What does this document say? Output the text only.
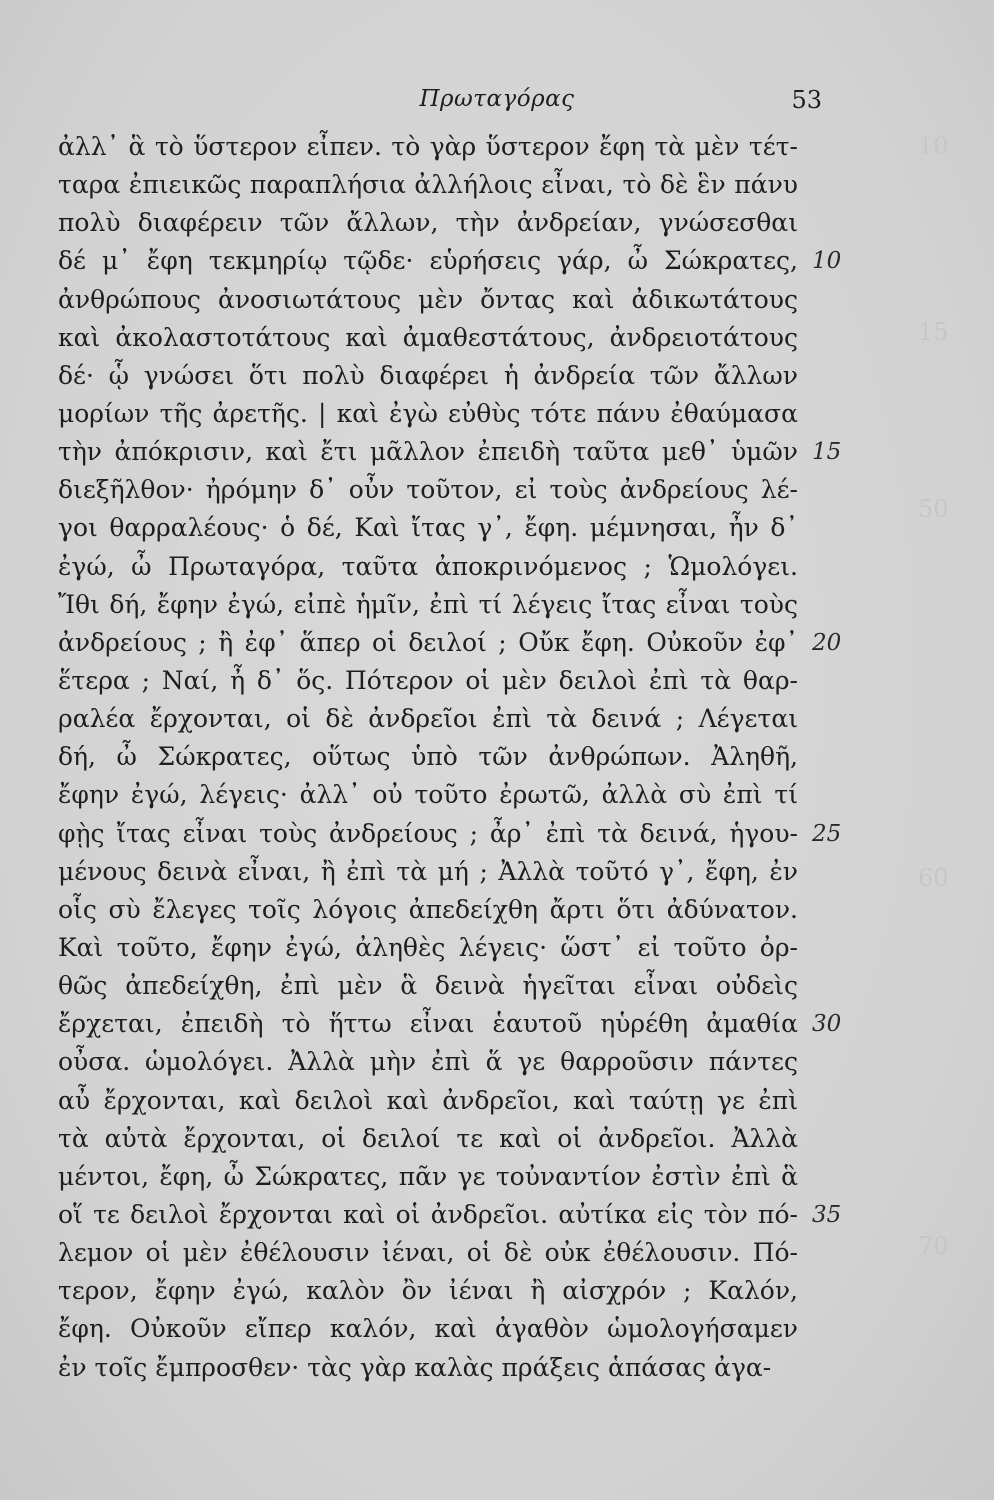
Πρωταγόρας	53
ἀλλ᾽ ἃ τὸ ὕστερον εἶπεν. τὸ γὰρ ὕστερον ἔφη τὰ μὲν τέτ-
ταρα ἐπιεικῶς παραπλήσια ἀλλήλοις εἶναι, τὸ δὲ ἓν πάνυ
πολὺ διαφέρειν τῶν ἄλλων, τὴν ἀνδρείαν, γνώσεσθαι
δέ μ᾽ ἔφη τεκμηρίῳ τῷδε· εὑρήσεις γάρ, ὦ Σώκρατες,
ἀνθρώπους ἀνοσιωτάτους μὲν ὄντας καὶ ἀδικωτάτους
καὶ ἀκολαστοτάτους καὶ ἀμαθεστάτους, ἀνδρειοτάτους
δέ· ᾧ γνώσει ὅτι πολὺ διαφέρει ἡ ἀνδρεία τῶν ἄλλων
μορίων τῆς ἀρετῆς. | καὶ ἐγὼ εὐθὺς τότε πάνυ ἐθαύμασα
τὴν ἀπόκρισιν, καὶ ἔτι μᾶλλον ἐπειδὴ ταῦτα μεθ᾽ ὑμῶν
διεξῆλθον· ἠρόμην δ᾽ οὖν τοῦτον, εἰ τοὺς ἀνδρείους λέ-
γοι θαρραλέους· ὁ δέ, Καὶ ἴτας γ᾽, ἔφη. μέμνησαι, ἦν δ᾽
ἐγώ, ὦ Πρωταγόρα, ταῦτα ἀποκρινόμενος ; Ὡμολόγει.
Ἴθι δή, ἔφην ἐγώ, εἰπὲ ἡμῖν, ἐπὶ τί λέγεις ἴτας εἶναι τοὺς
ἀνδρείους ; ἢ ἐφ᾽ ἅπερ οἱ δειλοί ; Οὔκ ἔφη. Οὐκοῦν ἐφ᾽
ἕτερα ; Ναί, ἦ δ᾽ ὅς. Πότερον οἱ μὲν δειλοὶ ἐπὶ τὰ θαρ-
ραλέα ἔρχονται, οἱ δὲ ἀνδρεῖοι ἐπὶ τὰ δεινά ; Λέγεται
δή, ὦ Σώκρατες, οὕτως ὑπὸ τῶν ἀνθρώπων. Ἀληθῆ,
ἔφην ἐγώ, λέγεις· ἀλλ᾽ οὐ τοῦτο ἐρωτῶ, ἀλλὰ σὺ ἐπὶ τί
φῂς ἴτας εἶναι τοὺς ἀνδρείους ; ἆρ᾽ ἐπὶ τὰ δεινά, ἡγου-
μένους δεινὰ εἶναι, ἢ ἐπὶ τὰ μή ; Ἀλλὰ τοῦτό γ᾽, ἔφη, ἐν
οἷς σὺ ἔλεγες τοῖς λόγοις ἀπεδείχθη ἄρτι ὅτι ἀδύνατον.
Καὶ τοῦτο, ἔφην ἐγώ, ἀληθὲς λέγεις· ὥστ᾽ εἰ τοῦτο ὀρ-
θῶς ἀπεδείχθη, ἐπὶ μὲν ἃ δεινὰ ἡγεῖται εἶναι οὐδεὶς
ἔρχεται, ἐπειδὴ τὸ ἥττω εἶναι ἑαυτοῦ ηὑρέθη ἀμαθία
οὖσα. ὡμολόγει. Ἀλλὰ μὴν ἐπὶ ἅ γε θαρροῦσιν πάντες
αὖ ἔρχονται, καὶ δειλοὶ καὶ ἀνδρεῖοι, καὶ ταύτῃ γε ἐπὶ
τὰ αὐτὰ ἔρχονται, οἱ δειλοί τε καὶ οἱ ἀνδρεῖοι. Ἀλλὰ
μέντοι, ἔφη, ὦ Σώκρατες, πᾶν γε τοὐναντίον ἐστὶν ἐπὶ ἃ
οἵ τε δειλοὶ ἔρχονται καὶ οἱ ἀνδρεῖοι. αὐτίκα εἰς τὸν πό-
λεμον οἱ μὲν ἐθέλουσιν ἰέναι, οἱ δὲ οὐκ ἐθέλουσιν. Πό-
τερον, ἔφην ἐγώ, καλὸν ὂν ἰέναι ἢ αἰσχρόν ; Καλόν,
ἔφη. Οὐκοῦν εἴπερ καλόν, καὶ ἀγαθὸν ὡμολογήσαμεν
ἐν τοῖς ἔμπροσθεν· τὰς γὰρ καλὰς πράξεις ἁπάσας ἀγα-
10
15
20
25
30
35
10
15
50
60
70
